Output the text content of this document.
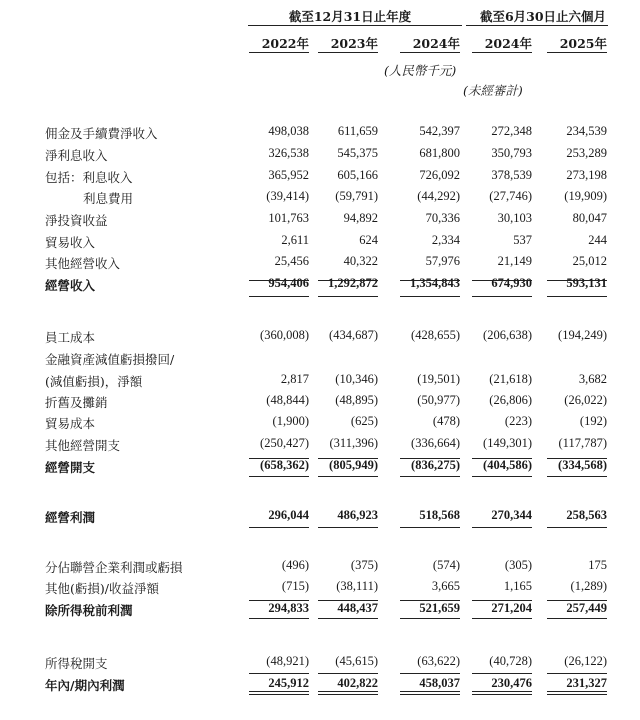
截至12月31日止年度	截至6月30日止六個月
2022年	2023年	2024年	2024年	2025年
(人民幣千元)
(未經審計)
佣金及手續費淨收入	498,038	611,659	542,397	272,348	234,539
淨利息收入	326,538	545,375	681,800	350,793	253,289
包括：利息收入	365,952	605,166	726,092	378,539	273,198
利息費用	(39,414)	(59,791)	(44,292)	(27,746)	(19,909)
淨投資收益	101,763	94,892	70,336	30,103	80,047
貿易收入	2,611	624	2,334	537	244
其他經營收入	25,456	40,322	57,976	21,149	25,012
經營收入	954,406	1,292,872	1,354,843	674,930	593,131
員工成本	(360,008)	(434,687)	(428,655)	(206,638)	(194,249)
金融資產減值虧損撥回/
(減值虧損)，淨額	2,817	(10,346)	(19,501)	(21,618)	3,682
折舊及攤銷	(48,844)	(48,895)	(50,977)	(26,806)	(26,022)
貿易成本	(1,900)	(625)	(478)	(223)	(192)
其他經營開支	(250,427)	(311,396)	(336,664)	(149,301)	(117,787)
經營開支	(658,362)	(805,949)	(836,275)	(404,586)	(334,568)
經營利潤	296,044	486,923	518,568	270,344	258,563
分佔聯營企業利潤或虧損	(496)	(375)	(574)	(305)	175
其他(虧損)/收益淨額	(715)	(38,111)	3,665	1,165	(1,289)
除所得稅前利潤	294,833	448,437	521,659	271,204	257,449
所得稅開支	(48,921)	(45,615)	(63,622)	(40,728)	(26,122)
年內/期內利潤	245,912	402,822	458,037	230,476	231,327
